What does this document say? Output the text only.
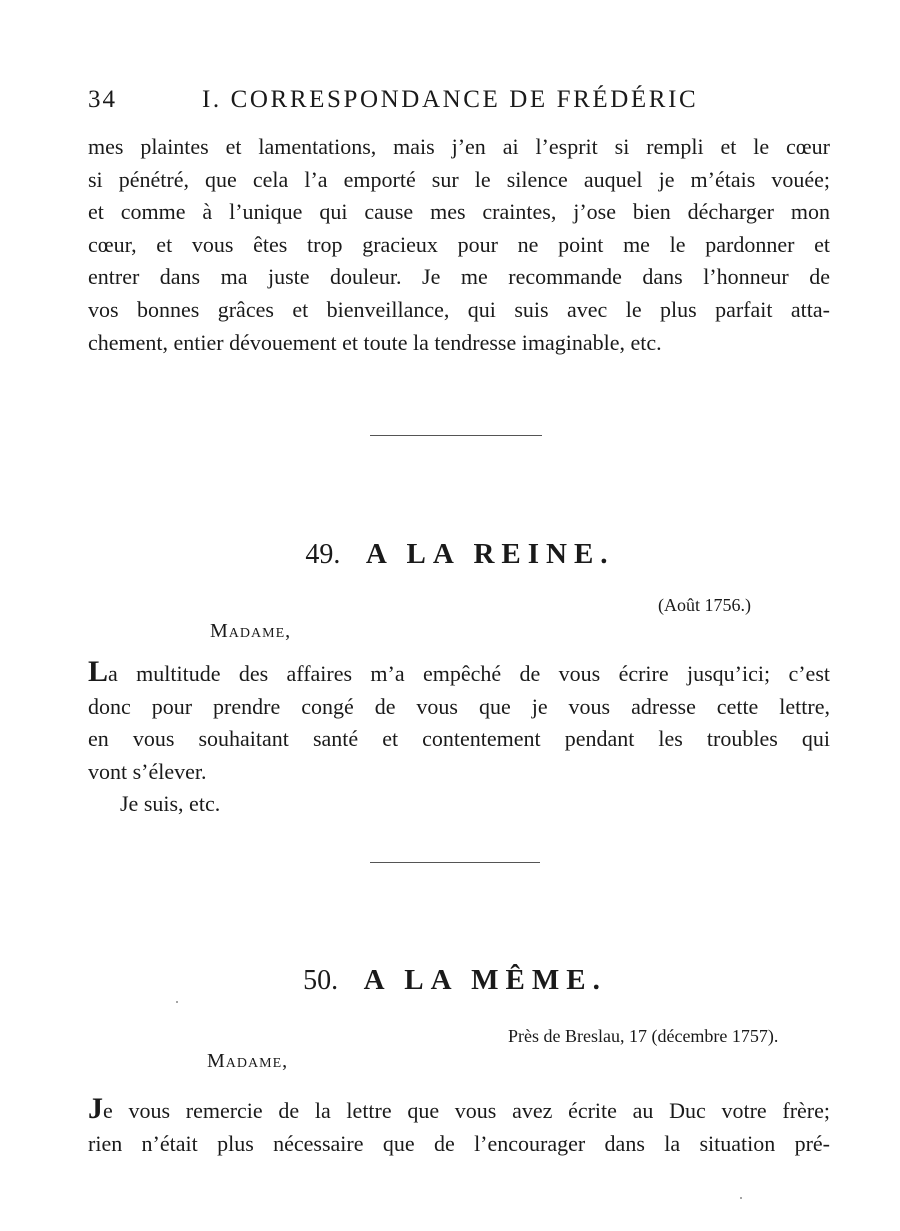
34	I. CORRESPONDANCE DE FRÉDÉRIC
mes plaintes et lamentations, mais j’en ai l’esprit si rempli et le cœur
si pénétré, que cela l’a emporté sur le silence auquel je m’étais vouée;
et comme à l’unique qui cause mes craintes, j’ose bien décharger mon
cœur, et vous êtes trop gracieux pour ne point me le pardonner et
entrer dans ma juste douleur. Je me recommande dans l’honneur de
vos bonnes grâces et bienveillance, qui suis avec le plus parfait atta-
chement, entier dévouement et toute la tendresse imaginable, etc.
49. A LA REINE.
(Août 1756.)
Madame,
La multitude des affaires m’a empêché de vous écrire jusqu’ici; c’est
donc pour prendre congé de vous que je vous adresse cette lettre,
en vous souhaitant santé et contentement pendant les troubles qui
vont s’élever.
Je suis, etc.
50. A LA MÊME.
Près de Breslau, 17 (décembre 1757).
Madame,
Je vous remercie de la lettre que vous avez écrite au Duc votre frère;
rien n’était plus nécessaire que de l’encourager dans la situation pré-
